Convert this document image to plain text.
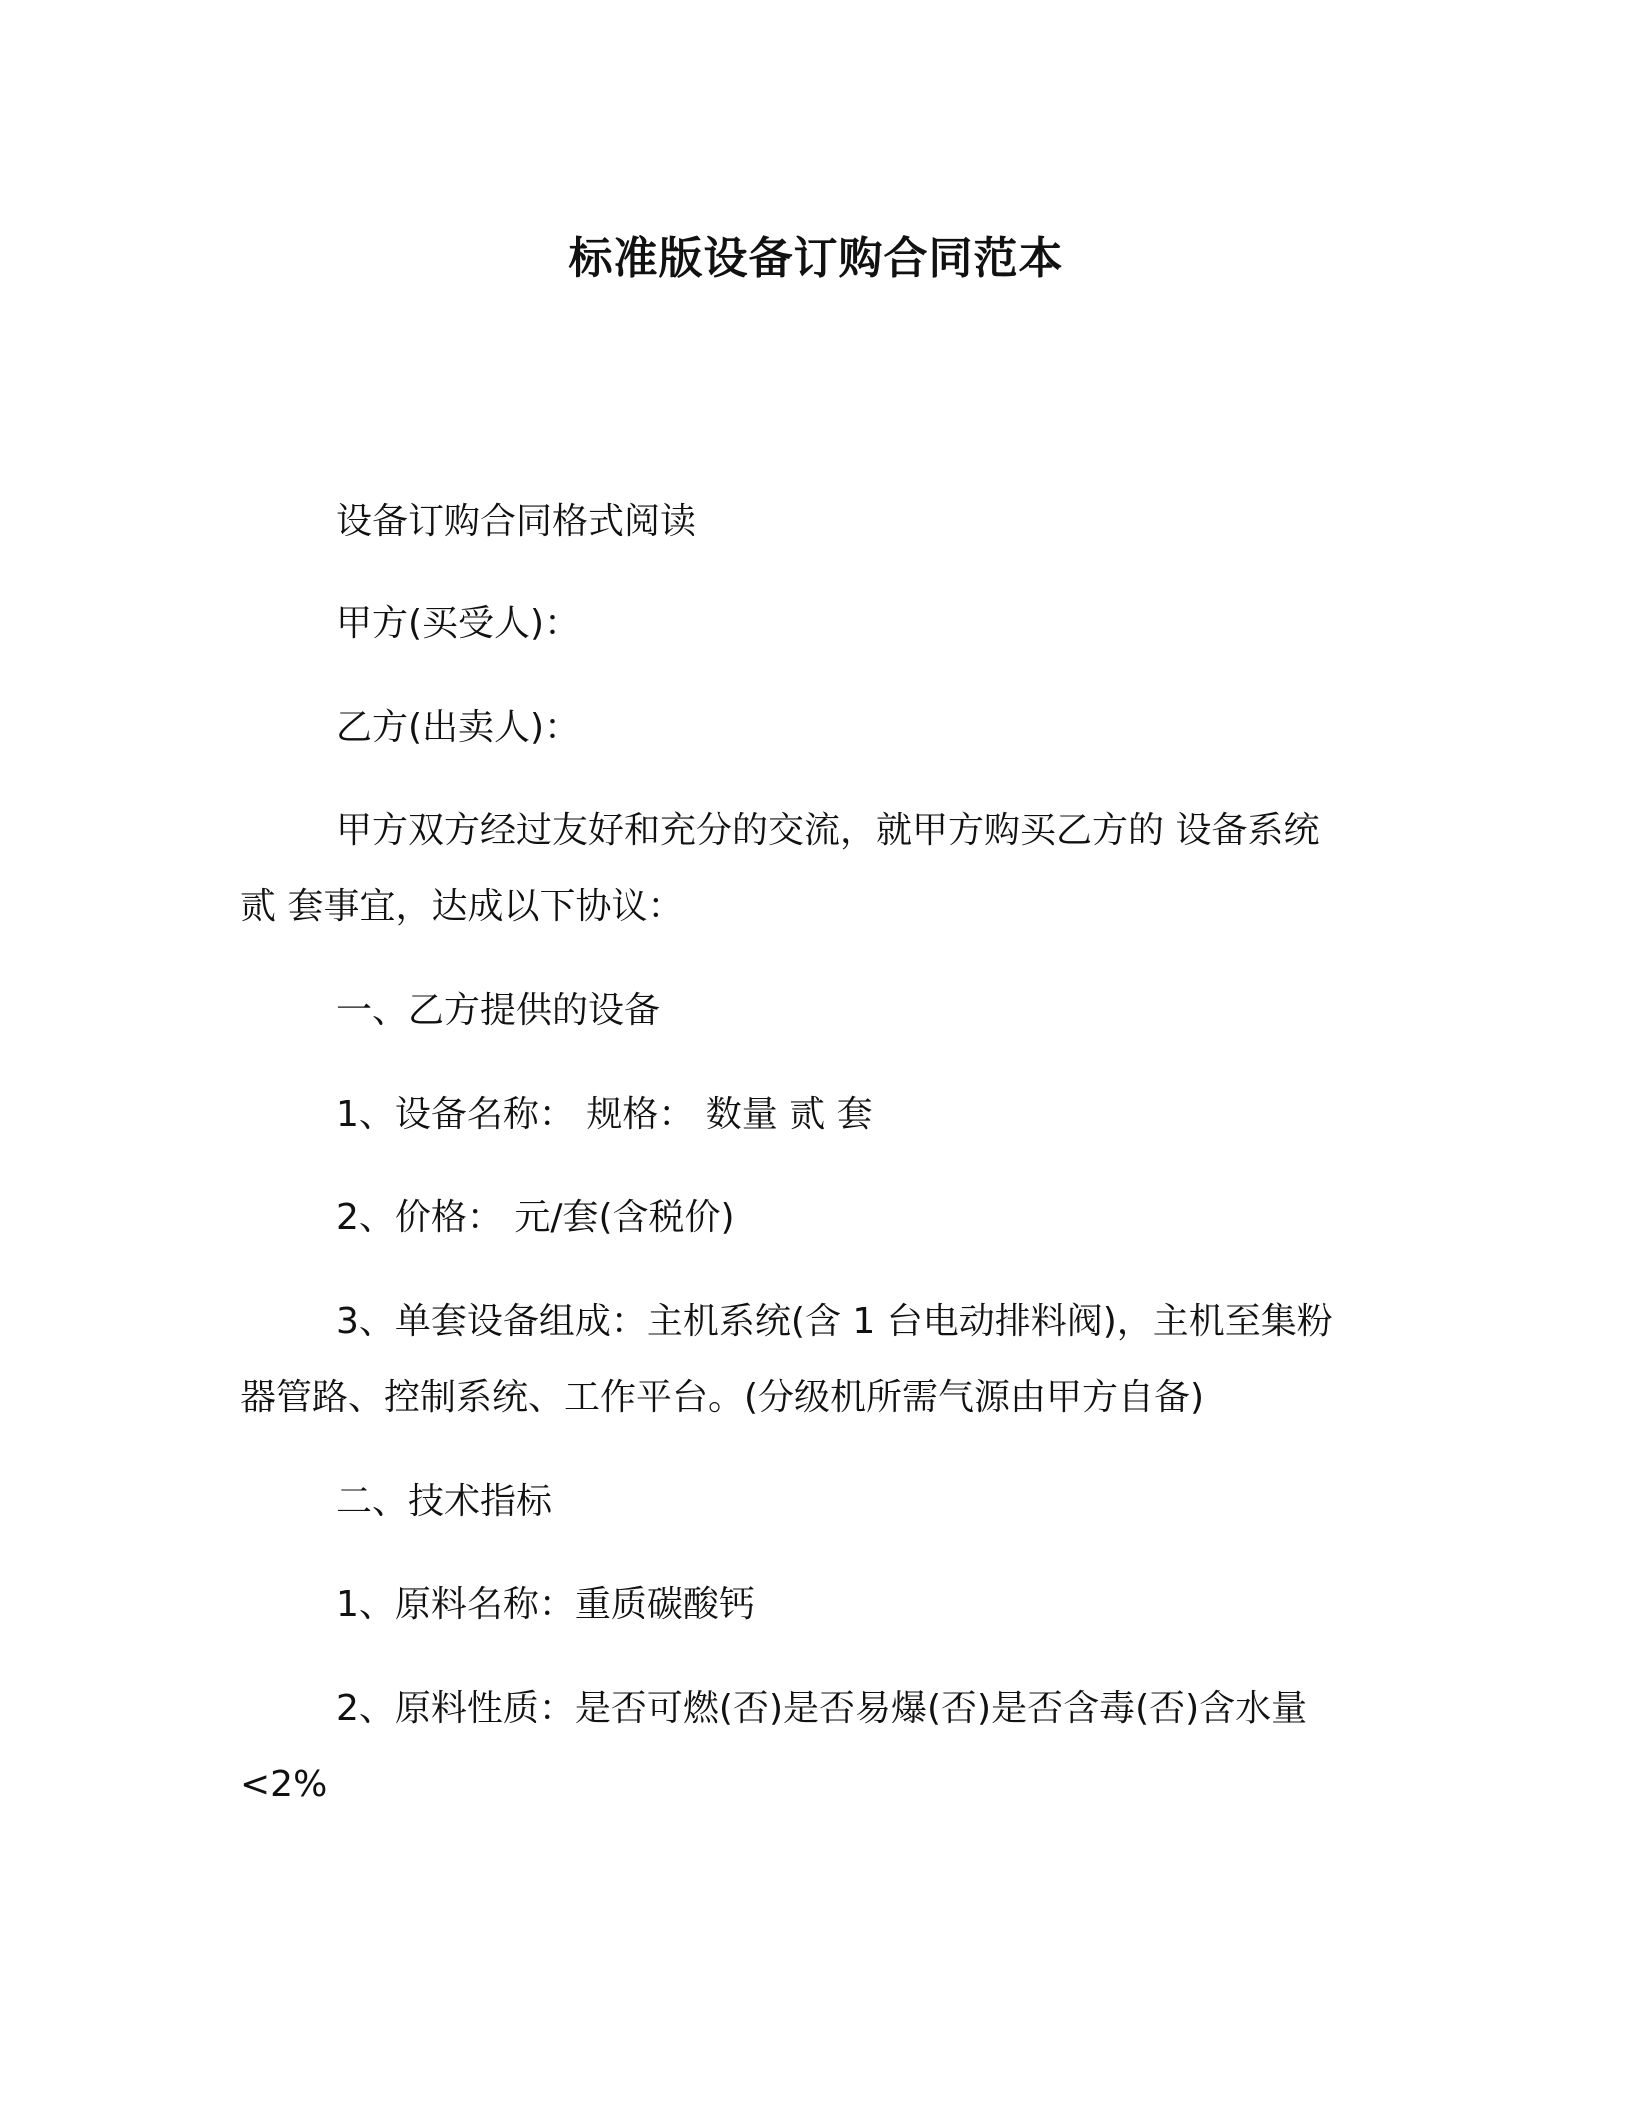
标准版设备订购合同范本
设备订购合同格式阅读
甲方(买受人)：
乙方(出卖人)：
甲方双方经过友好和充分的交流，就甲方购买乙方的 设备系统
贰 套事宜，达成以下协议：
一、乙方提供的设备
1、设备名称： 规格： 数量 贰 套
2、价格： 元/套(含税价)
3、单套设备组成：主机系统(含 1 台电动排料阀)，主机至集粉
器管路、控制系统、工作平台。(分级机所需气源由甲方自备)
二、技术指标
1、原料名称：重质碳酸钙
2、原料性质：是否可燃(否)是否易爆(否)是否含毒(否)含水量
<2%
